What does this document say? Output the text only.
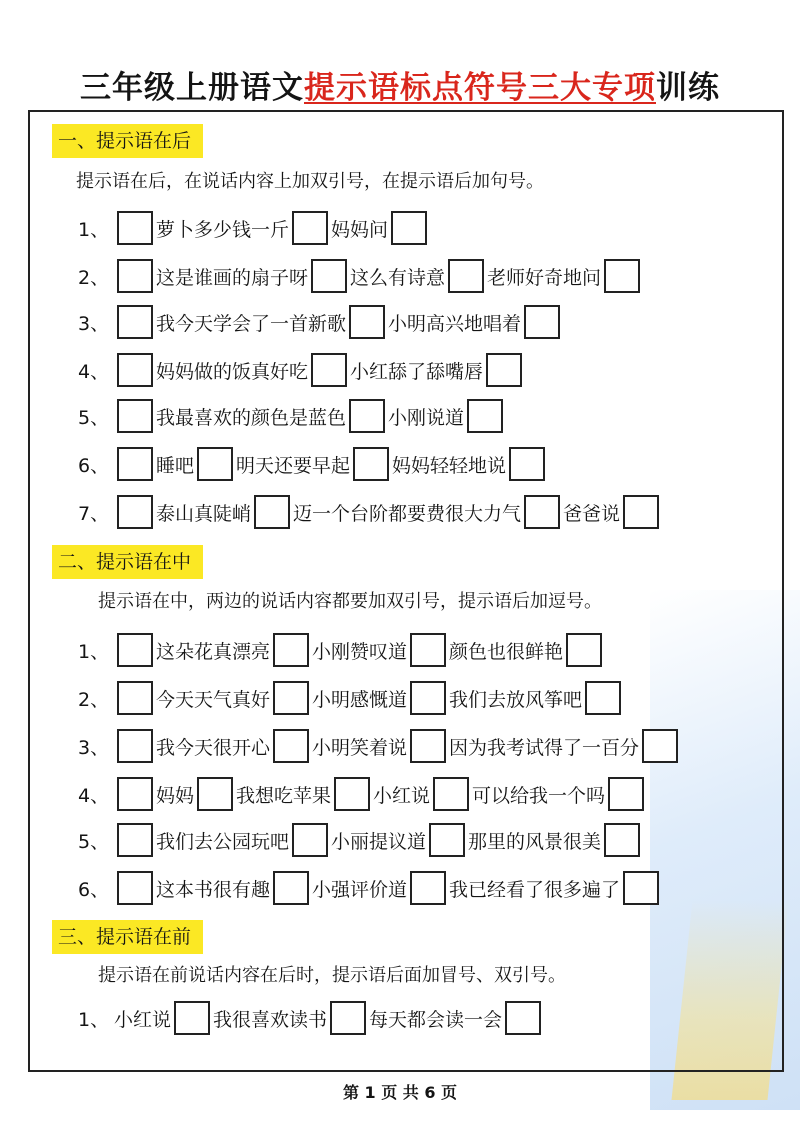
三年级上册语文提示语标点符号三大专项训练
一、提示语在后
提示语在后，在说话内容上加双引号，在提示语后加句号。
1、 萝卜多少钱一斤 妈妈问
2、 这是谁画的扇子呀 这么有诗意 老师好奇地问
3、 我今天学会了一首新歌 小明高兴地唱着
4、 妈妈做的饭真好吃 小红舔了舔嘴唇
5、 我最喜欢的颜色是蓝色 小刚说道
6、 睡吧 明天还要早起 妈妈轻轻地说
7、 泰山真陡峭 迈一个台阶都要费很大力气 爸爸说
二、提示语在中
提示语在中，两边的说话内容都要加双引号，提示语后加逗号。
1、 这朵花真漂亮 小刚赞叹道 颜色也很鲜艳
2、 今天天气真好 小明感慨道 我们去放风筝吧
3、 我今天很开心 小明笑着说 因为我考试得了一百分
4、 妈妈 我想吃苹果 小红说 可以给我一个吗
5、 我们去公园玩吧 小丽提议道 那里的风景很美
6、 这本书很有趣 小强评价道 我已经看了很多遍了
三、提示语在前
提示语在前说话内容在后时，提示语后面加冒号、双引号。
1、 小红说 我很喜欢读书 每天都会读一会
第 1 页 共 6 页
